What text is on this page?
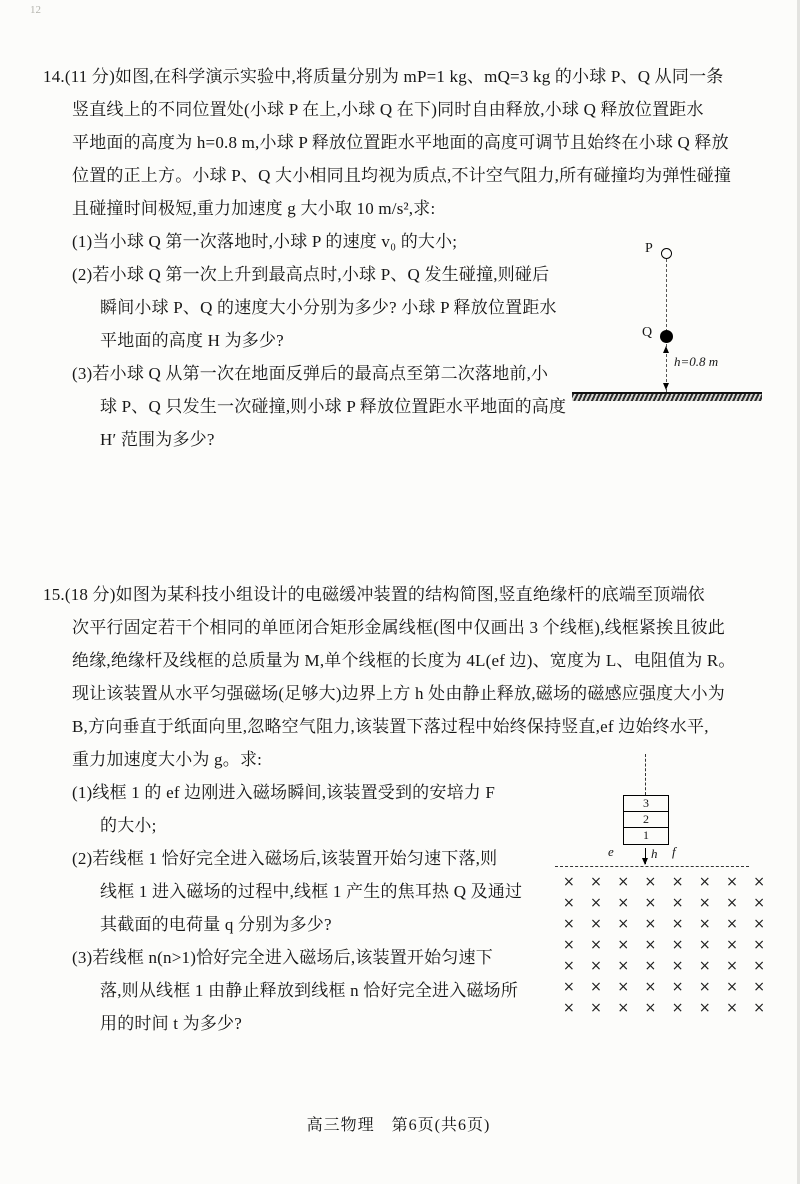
12
14.(11 分)如图,在科学演示实验中,将质量分别为 mP=1 kg、mQ=3 kg 的小球 P、Q 从同一条
竖直线上的不同位置处(小球 P 在上,小球 Q 在下)同时自由释放,小球 Q 释放位置距水
平地面的高度为 h=0.8 m,小球 P 释放位置距水平地面的高度可调节且始终在小球 Q 释放
位置的正上方。小球 P、Q 大小相同且均视为质点,不计空气阻力,所有碰撞均为弹性碰撞
且碰撞时间极短,重力加速度 g 大小取 10 m/s²,求:
(1)当小球 Q 第一次落地时,小球 P 的速度 v₀ 的大小;
(2)若小球 Q 第一次上升到最高点时,小球 P、Q 发生碰撞,则碰后
瞬间小球 P、Q 的速度大小分别为多少? 小球 P 释放位置距水
平地面的高度 H 为多少?
(3)若小球 Q 从第一次在地面反弹后的最高点至第二次落地前,小
球 P、Q 只发生一次碰撞,则小球 P 释放位置距水平地面的高度
H′ 范围为多少?
P
Q
h=0.8 m
15.(18 分)如图为某科技小组设计的电磁缓冲装置的结构简图,竖直绝缘杆的底端至顶端依
次平行固定若干个相同的单匝闭合矩形金属线框(图中仅画出 3 个线框),线框紧挨且彼此
绝缘,绝缘杆及线框的总质量为 M,单个线框的长度为 4L(ef 边)、宽度为 L、电阻值为 R。
现让该装置从水平匀强磁场(足够大)边界上方 h 处由静止释放,磁场的磁感应强度大小为
B,方向垂直于纸面向里,忽略空气阻力,该装置下落过程中始终保持竖直,ef 边始终水平,
重力加速度大小为 g。求:
(1)线框 1 的 ef 边刚进入磁场瞬间,该装置受到的安培力 F
的大小;
(2)若线框 1 恰好完全进入磁场后,该装置开始匀速下落,则
线框 1 进入磁场的过程中,线框 1 产生的焦耳热 Q 及通过
其截面的电荷量 q 分别为多少?
(3)若线框 n(n>1)恰好完全进入磁场后,该装置开始匀速下
落,则从线框 1 由静止释放到线框 n 恰好完全进入磁场所
用的时间 t 为多少?
3
2
1
e	f
h
× × × × × × × ×
× × × × × × × ×
× × × × × × × ×
× × × × × × × ×
× × × × × × × ×
× × × × × × × ×
× × × × × × × ×
高三物理　第6页(共6页)
